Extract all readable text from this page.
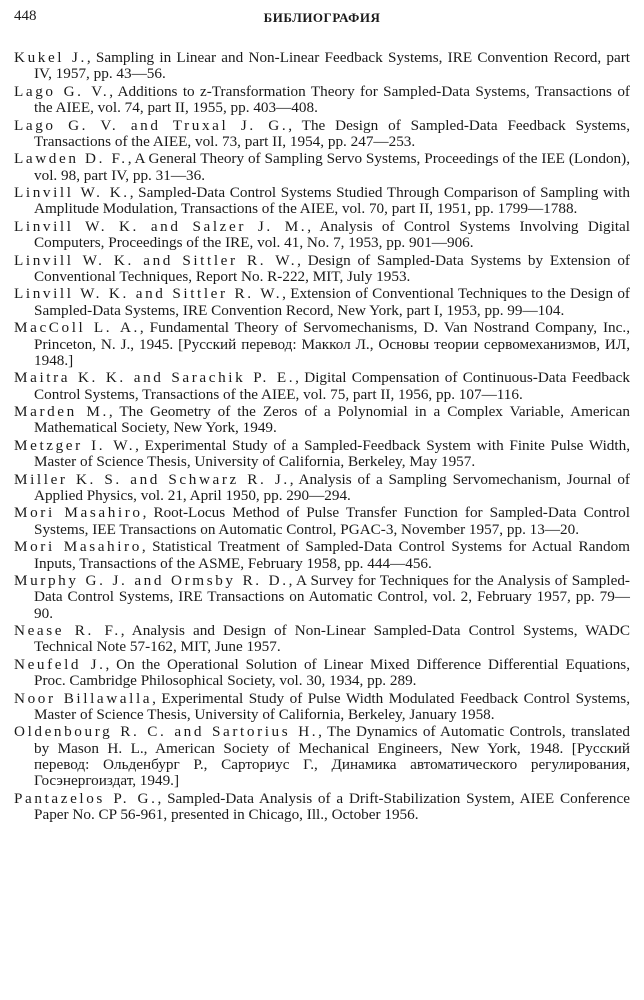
448	БИБЛИОГРАФИЯ

Kukel J., Sampling in Linear and Non-Linear Feedback Systems, IRE Convention Record, part IV, 1957, pp. 43—56.

Lago G. V., Additions to z-Transformation Theory for Sampled-Data Systems, Transactions of the AIEE, vol. 74, part II, 1955, pp. 403—408.

Lago G. V. and Truxal J. G., The Design of Sampled-Data Feedback Systems, Transactions of the AIEE, vol. 73, part II, 1954, pp. 247—253.

Lawden D. F., A General Theory of Sampling Servo Systems, Proceedings of the IEE (London), vol. 98, part IV, pp. 31—36.

Linvill W. K., Sampled-Data Control Systems Studied Through Comparison of Sampling with Amplitude Modulation, Transactions of the AIEE, vol. 70, part II, 1951, pp. 1799—1788.

Linvill W. K. and Salzer J. M., Analysis of Control Systems Involving Digital Computers, Proceedings of the IRE, vol. 41, No. 7, 1953, pp. 901—906.

Linvill W. K. and Sittler R. W., Design of Sampled-Data Systems by Extension of Conventional Techniques, Report No. R-222, MIT, July 1953.

Linvill W. K. and Sittler R. W., Extension of Conventional Techniques to the Design of Sampled-Data Systems, IRE Convention Record, New York, part I, 1953, pp. 99—104.

MacColl L. A., Fundamental Theory of Servomechanisms, D. Van Nostrand Company, Inc., Princeton, N. J., 1945. [Русский перевод: Маккол Л., Основы теории сервомеханизмов, ИЛ, 1948.]

Maitra K. K. and Sarachik P. E., Digital Compensation of Continuous-Data Feedback Control Systems, Transactions of the AIEE, vol. 75, part II, 1956, pp. 107—116.

Marden M., The Geometry of the Zeros of a Polynomial in a Complex Variable, American Mathematical Society, New York, 1949.

Metzger I. W., Experimental Study of a Sampled-Feedback System with Finite Pulse Width, Master of Science Thesis, University of California, Berkeley, May 1957.

Miller K. S. and Schwarz R. J., Analysis of a Sampling Servomechanism, Journal of Applied Physics, vol. 21, April 1950, pp. 290—294.

Mori Masahiro, Root-Locus Method of Pulse Transfer Function for Sampled-Data Control Systems, IEE Transactions on Automatic Control, PGAC-3, November 1957, pp. 13—20.

Mori Masahiro, Statistical Treatment of Sampled-Data Control Systems for Actual Random Inputs, Transactions of the ASME, February 1958, pp. 444—456.

Murphy G. J. and Ormsby R. D., A Survey for Techniques for the Analysis of Sampled-Data Control Systems, IRE Transactions on Automatic Control, vol. 2, February 1957, pp. 79—90.

Nease R. F., Analysis and Design of Non-Linear Sampled-Data Control Systems, WADC Technical Note 57-162, MIT, June 1957.

Neufeld J., On the Operational Solution of Linear Mixed Difference Differential Equations, Proc. Cambridge Philosophical Society, vol. 30, 1934, pp. 289.

Noor Billawalla, Experimental Study of Pulse Width Modulated Feedback Control Systems, Master of Science Thesis, University of California, Berkeley, January 1958.

Oldenbourg R. C. and Sartorius H., The Dynamics of Automatic Controls, translated by Mason H. L., American Society of Mechanical Engineers, New York, 1948. [Русский перевод: Ольденбург Р., Сарториус Г., Динамика автоматического регулирования, Госэнергоиздат, 1949.]

Pantazelos P. G., Sampled-Data Analysis of a Drift-Stabilization System, AIEE Conference Paper No. CP 56-961, presented in Chicago, Ill., October 1956.
